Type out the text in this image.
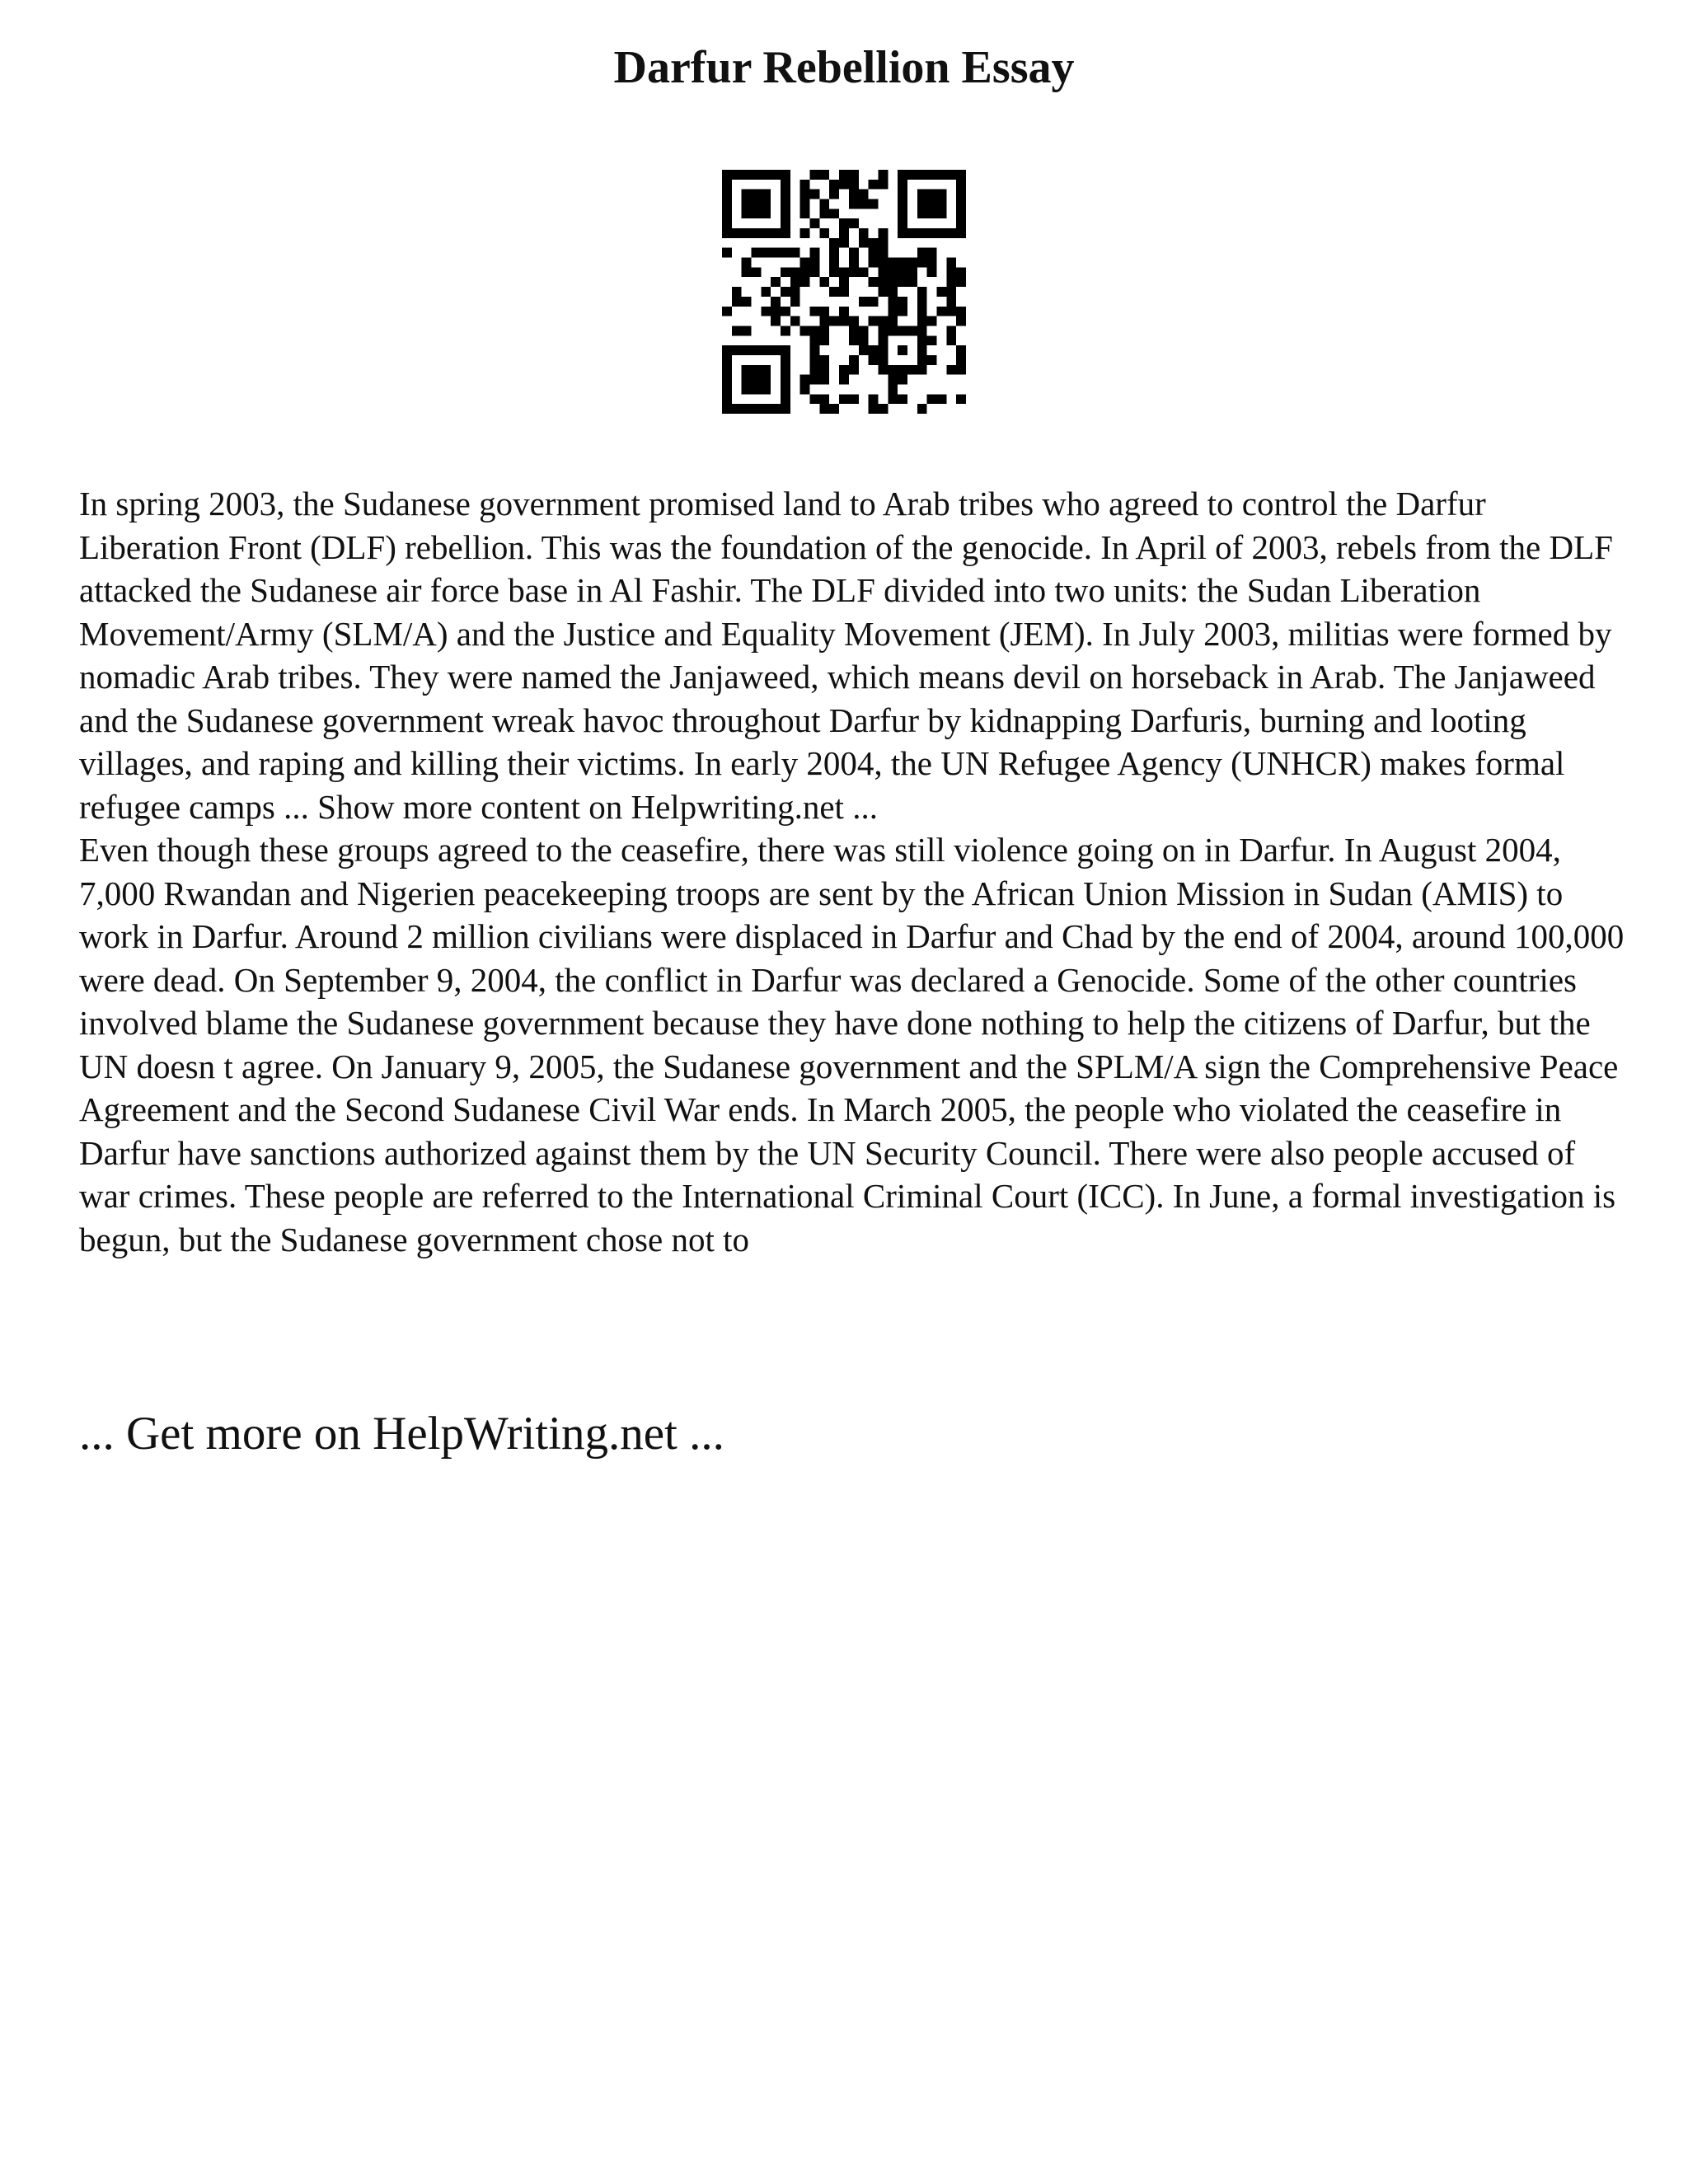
Darfur Rebellion Essay

In spring 2003, the Sudanese government promised land to Arab tribes who agreed to control the Darfur Liberation Front (DLF) rebellion. This was the foundation of the genocide. In April of 2003, rebels from the DLF attacked the Sudanese air force base in Al Fashir. The DLF divided into two units: the Sudan Liberation Movement/Army (SLM/A) and the Justice and Equality Movement (JEM). In July 2003, militias were formed by nomadic Arab tribes. They were named the Janjaweed, which means devil on horseback in Arab. The Janjaweed and the Sudanese government wreak havoc throughout Darfur by kidnapping Darfuris, burning and looting villages, and raping and killing their victims. In early 2004, the UN Refugee Agency (UNHCR) makes formal refugee camps ... Show more content on Helpwriting.net ...

Even though these groups agreed to the ceasefire, there was still violence going on in Darfur. In August 2004, 7,000 Rwandan and Nigerien peacekeeping troops are sent by the African Union Mission in Sudan (AMIS) to work in Darfur. Around 2 million civilians were displaced in Darfur and Chad by the end of 2004, around 100,000 were dead. On September 9, 2004, the conflict in Darfur was declared a Genocide. Some of the other countries involved blame the Sudanese government because they have done nothing to help the citizens of Darfur, but the UN doesn t agree. On January 9, 2005, the Sudanese government and the SPLM/A sign the Comprehensive Peace Agreement and the Second Sudanese Civil War ends. In March 2005, the people who violated the ceasefire in Darfur have sanctions authorized against them by the UN Security Council. There were also people accused of war crimes. These people are referred to the International Criminal Court (ICC). In June, a formal investigation is begun, but the Sudanese government chose not to

... Get more on HelpWriting.net ...
